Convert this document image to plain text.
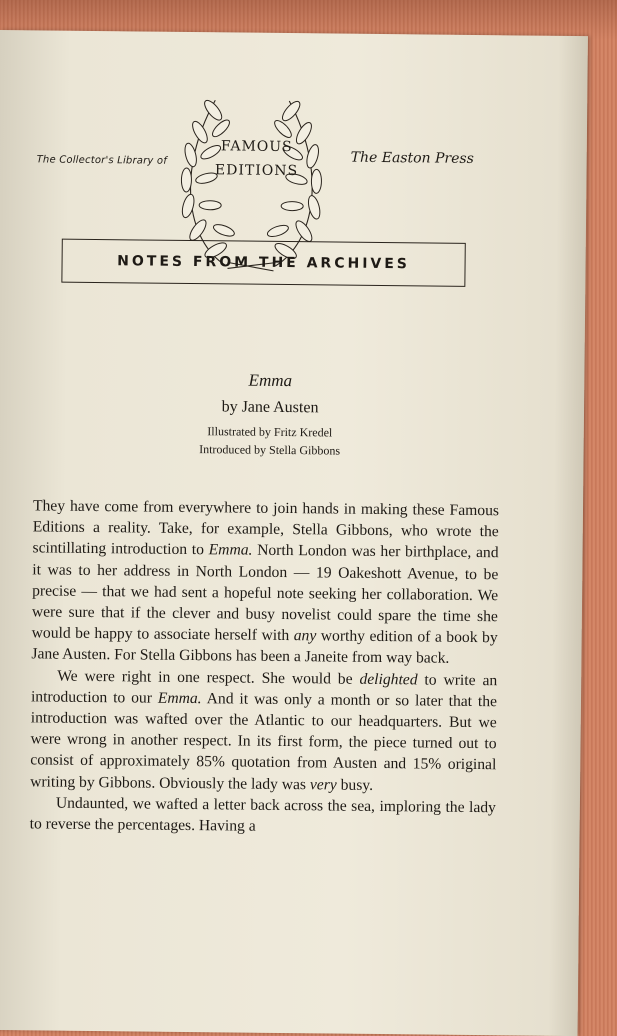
The Collector's Library of
FAMOUS
EDITIONS
The Easton Press
NOTES FROM THE ARCHIVES
Emma
by Jane Austen
Illustrated by Fritz Kredel
Introduced by Stella Gibbons

They have come from everywhere to join hands in making these Famous Editions a reality. Take, for example, Stella Gibbons, who wrote the scintillating introduction to Emma. North London was her birthplace, and it was to her address in North London — 19 Oakeshott Avenue, to be precise — that we had sent a hopeful note seeking her collaboration. We were sure that if the clever and busy novelist could spare the time she would be happy to associate herself with any worthy edition of a book by Jane Austen. For Stella Gibbons has been a Janeite from way back.

We were right in one respect. She would be delighted to write an introduction to our Emma. And it was only a month or so later that the introduction was wafted over the Atlantic to our headquarters. But we were wrong in another respect. In its first form, the piece turned out to consist of approximately 85% quotation from Austen and 15% original writing by Gibbons. Obviously the lady was very busy.

Undaunted, we wafted a letter back across the sea, imploring the lady to reverse the percentages. Having a
